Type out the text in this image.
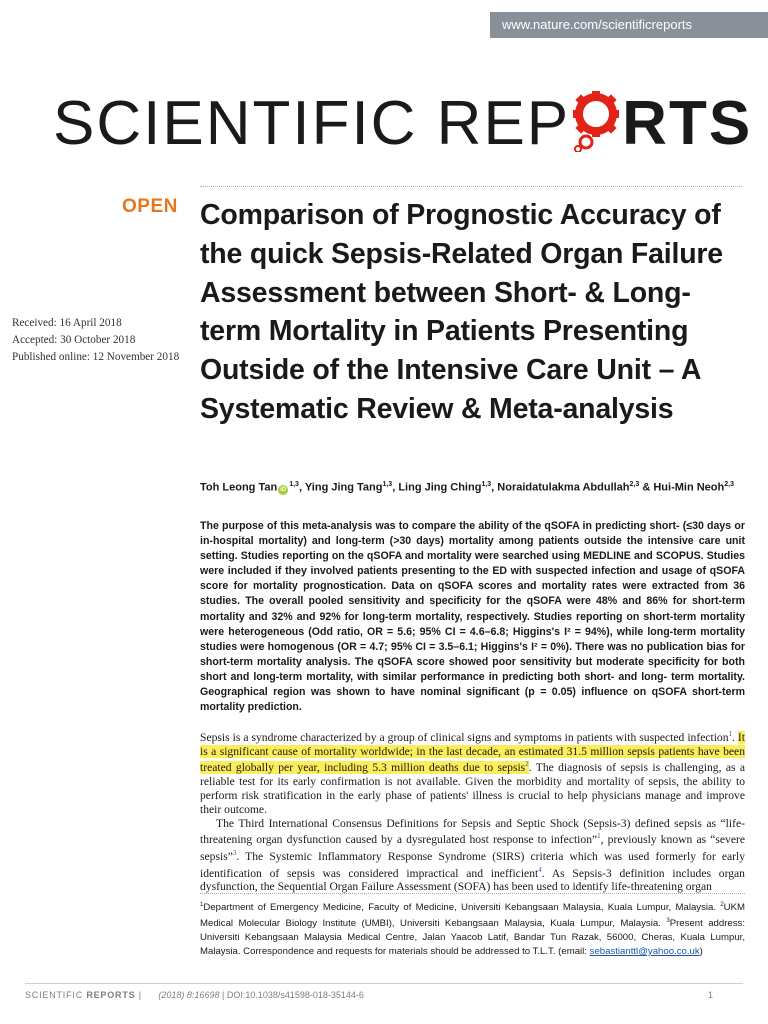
www.nature.com/scientificreports
SCIENTIFIC REP RTS
OPEN
Received: 16 April 2018
Accepted: 30 October 2018
Published online: 12 November 2018
Comparison of Prognostic Accuracy of the quick Sepsis-Related Organ Failure Assessment between Short- & Long-term Mortality in Patients Presenting Outside of the Intensive Care Unit – A Systematic Review & Meta-analysis
Toh Leong Tan iD$^{1,3}$, Ying Jing Tang$^{1,3}$, Ling Jing Ching$^{1,3}$, Noraidatulakma Abdullah$^{2,3}$ & Hui-Min Neoh$^{2,3}$
The purpose of this meta-analysis was to compare the ability of the qSOFA in predicting short- (≤30 days or in-hospital mortality) and long-term (>30 days) mortality among patients outside the intensive care unit setting. Studies reporting on the qSOFA and mortality were searched using MEDLINE and SCOPUS. Studies were included if they involved patients presenting to the ED with suspected infection and usage of qSOFA score for mortality prognostication. Data on qSOFA scores and mortality rates were extracted from 36 studies. The overall pooled sensitivity and specificity for the qSOFA were 48% and 86% for short-term mortality and 32% and 92% for long-term mortality, respectively. Studies reporting on short-term mortality were heterogeneous (Odd ratio, OR = 5.6; 95% CI = 4.6–6.8; Higgins's I² = 94%), while long-term mortality studies were homogenous (OR = 4.7; 95% CI = 3.5–6.1; Higgins's I² = 0%). There was no publication bias for short-term mortality analysis. The qSOFA score showed poor sensitivity but moderate specificity for both short and long-term mortality, with similar performance in predicting both short- and long- term mortality. Geographical region was shown to have nominal significant (p = 0.05) influence on qSOFA short-term mortality prediction.

Sepsis is a syndrome characterized by a group of clinical signs and symptoms in patients with suspected infection$^1$. It is a significant cause of mortality worldwide; in the last decade, an estimated 31.5 million sepsis patients have been treated globally per year, including 5.3 million deaths due to sepsis$^2$. The diagnosis of sepsis is challenging, as a reliable test for its early confirmation is not available. Given the morbidity and mortality of sepsis, the ability to perform risk stratification in the early phase of patients' illness is crucial to help physicians manage and improve their outcome.

The Third International Consensus Definitions for Sepsis and Septic Shock (Sepsis-3) defined sepsis as “life-threatening organ dysfunction caused by a dysregulated host response to infection”$^1$, previously known as “severe sepsis”$^3$. The Systemic Inflammatory Response Syndrome (SIRS) criteria which was used formerly for early identification of sepsis was considered impractical and inefficient$^4$. As Sepsis-3 definition includes organ dysfunction, the Sequential Organ Failure Assessment (SOFA) has been used to identify life-threatening organ

$^1$Department of Emergency Medicine, Faculty of Medicine, Universiti Kebangsaan Malaysia, Kuala Lumpur, Malaysia. $^2$UKM Medical Molecular Biology Institute (UMBI), Universiti Kebangsaan Malaysia, Kuala Lumpur, Malaysia. $^3$Present address: Universiti Kebangsaan Malaysia Medical Centre, Jalan Yaacob Latif, Bandar Tun Razak, 56000, Cheras, Kuala Lumpur, Malaysia. Correspondence and requests for materials should be addressed to T.L.T. (email: sebastianttl@yahoo.co.uk)

SCIENTIFIC REPORTS | (2018) 8:16698 | DOI:10.1038/s41598-018-35144-6	1
